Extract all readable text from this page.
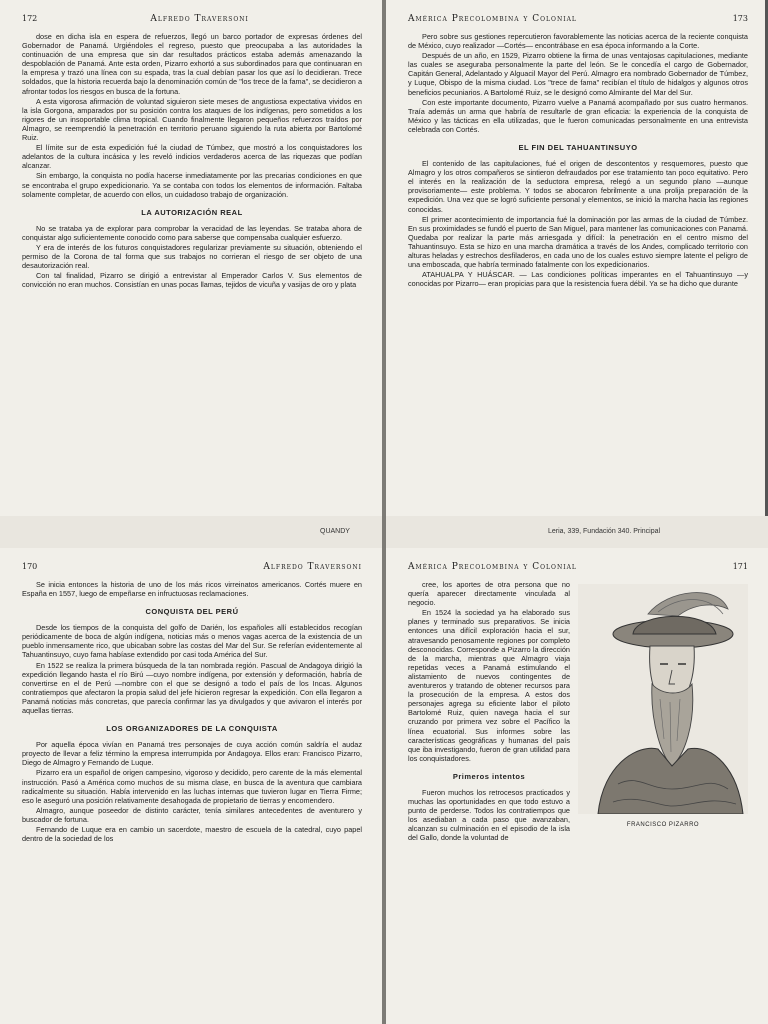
172	Alfredo Traversoni

dose en dicha isla en espera de refuerzos, llegó un barco portador de expresas órdenes del Gobernador de Panamá. Urgiéndoles el regreso, puesto que preocupaba a las autoridades la continuación de una empresa que sin dar resultados prácticos estaba además amenazando la despoblación de Panamá. Ante esta orden, Pizarro exhortó a sus subordinados para que continuaran en la empresa y trazó una línea con su espada, tras la cual debían pasar los que así lo decidieran. Trece soldados, que la historia recuerda bajo la denominación común de "los trece de la fama", se decidieron a afrontar todos los riesgos en busca de la fortuna.

A esta vigorosa afirmación de voluntad siguieron siete meses de angustiosa expectativa vividos en la isla Gorgona, amparados por su posición contra los ataques de los indígenas, pero sometidos a los rigores de un insoportable clima tropical. Cuando finalmente llegaron pequeños refuerzos traídos por Almagro, se reemprendió la penetración en territorio peruano siguiendo la ruta abierta por Bartolomé Ruiz.

El límite sur de esta expedición fué la ciudad de Túmbez, que mostró a los conquistadores los adelantos de la cultura incásica y les reveló indicios verdaderos acerca de las riquezas que podían alcanzar.

Sin embargo, la conquista no podía hacerse inmediatamente por las precarias condiciones en que se encontraba el grupo expedicionario. Ya se contaba con todos los elementos de información. Faltaba solamente completar, de acuerdo con ellos, un cuidadoso trabajo de organización.

LA AUTORIZACIÓN REAL

No se trataba ya de explorar para comprobar la veracidad de las leyendas. Se trataba ahora de conquistar algo suficientemente conocido como para saberse que compensaba cualquier esfuerzo.

Y era de interés de los futuros conquistadores regularizar previamente su situación, obteniendo el permiso de la Corona de tal forma que sus trabajos no corrieran el riesgo de ser objeto de una desautorización real.

Con tal finalidad, Pizarro se dirigió a entrevistar al Emperador Carlos V. Sus elementos de convicción no eran muchos. Consistían en unas pocas llamas, tejidos de vicuña y vasijas de oro y plata

América Precolombina y Colonial	173

Pero sobre sus gestiones repercutieron favorablemente las noticias acerca de la reciente conquista de México, cuyo realizador —Cortés— encontrábase en esa época informando a la Corte.

Después de un año, en 1529, Pizarro obtiene la firma de unas ventajosas capitulaciones, mediante las cuales se aseguraba personalmente la parte del león. Se le concedía el cargo de Gobernador, Capitán General, Adelantado y Alguacil Mayor del Perú. Almagro era nombrado Gobernador de Túmbez, y Luque, Obispo de la misma ciudad. Los "trece de fama" recibían el título de hidalgos y algunos otros beneficios pecuniarios. A Bartolomé Ruiz, se le designó como Almirante del Mar del Sur.

Con este importante documento, Pizarro vuelve a Panamá acompañado por sus cuatro hermanos. Traía además un arma que habría de resultarle de gran eficacia: la experiencia de la conquista de México y las tácticas en ella utilizadas, que le fueron comunicadas personalmente en una entrevista celebrada con Cortés.

EL FIN DEL TAHUANTINSUYO

El contenido de las capitulaciones, fué el origen de descontentos y resquemores, puesto que Almagro y los otros compañeros se sintieron defraudados por ese tratamiento tan poco equitativo. Pero el interés en la realización de la seductora empresa, relegó a un segundo plano —aunque provisoriamente— este problema. Y todos se abocaron febrilmente a una prolija preparación de la expedición. Una vez que se logró suficiente personal y elementos, se inició la marcha hacia las regiones conocidas.

El primer acontecimiento de importancia fué la dominación por las armas de la ciudad de Túmbez. En sus proximidades se fundó el puerto de San Miguel, para mantener las comunicaciones con Panamá. Quedaba por realizar la parte más arriesgada y difícil: la penetración en el centro mismo del Tahuantinsuyo. Esta se hizo en una marcha dramática a través de los Andes, complicado territorio con alturas heladas y estrechos desfiladeros, en cada uno de los cuales estuvo siempre latente el peligro de una emboscada, que habría terminado fatalmente con los expedicionarios.

ATAHUALPA Y HUÁSCAR. — Las condiciones políticas imperantes en el Tahuantinsuyo —y conocidas por Pizarro— eran propicias para que la resistencia fuera débil. Ya se ha dicho que durante

QUANDY	Leria, 339, Fundación 340. Principal
170	Alfredo Traversoni

Se inicia entonces la historia de uno de los más ricos virreinatos americanos. Cortés muere en España en 1557, luego de empeñarse en infructuosas reclamaciones.

CONQUISTA DEL PERÚ

Desde los tiempos de la conquista del golfo de Darién, los españoles allí establecidos recogían periódicamente de boca de algún indígena, noticias más o menos vagas acerca de la existencia de un pueblo inmensamente rico, que ubicaban sobre las costas del Mar del Sur. Se referían evidentemente al Tahuantinsuyo, cuyo fama habíase extendido por casi toda América del Sur.

En 1522 se realiza la primera búsqueda de la tan nombrada región. Pascual de Andagoya dirigió la expedición llegando hasta el río Birú —cuyo nombre indígena, por extensión y deformación, habría de convertirse en el de Perú —nombre con el que se designó a todo el país de los Incas. Algunos contratiempos que afectaron la propia salud del jefe hicieron regresar la expedición. Con ella llegaron a Panamá noticias más concretas, que parecía confirmar las ya divulgados y que avivaron el interés por aquellas tierras.

LOS ORGANIZADORES DE LA CONQUISTA

Por aquella época vivían en Panamá tres personajes de cuya acción común saldría el audaz proyecto de llevar a feliz término la empresa interrumpida por Andagoya. Ellos eran: Francisco Pizarro, Diego de Almagro y Fernando de Luque.

Pizarro era un español de origen campesino, vigoroso y decidido, pero carente de la más elemental instrucción. Pasó a América como muchos de su misma clase, en busca de la aventura que cambiara radicalmente su situación. Había intervenido en las luchas internas que tuvieron lugar en Tierra Firme; eso le aseguró una posición relativamente desahogada de propietario de tierras y encomendero.

Almagro, aunque poseedor de distinto carácter, tenía similares antecedentes de aventurero y buscador de fortuna.

Fernando de Luque era en cambio un sacerdote, maestro de escuela de la catedral, cuyo papel dentro de la sociedad de los

América Precolombina y Colonial	171
FRANCISCO PIZARRO

cree, los aportes de otra persona que no quería aparecer directamente vinculada al negocio.

En 1524 la sociedad ya ha elaborado sus planes y terminado sus preparativos. Se inicia entonces una difícil exploración hacia el sur, atravesando penosamente regiones por completo desconocidas. Corresponde a Pizarro la dirección de la marcha, mientras que Almagro viaja repetidas veces a Panamá estimulando el alistamiento de nuevos contingentes de aventureros y tratando de obtener recursos para la prosecución de la empresa. A estos dos personajes agrega su eficiente labor el piloto Bartolomé Ruiz, quien navega hacia el sur cruzando por primera vez sobre el Pacífico la línea ecuatorial. Sus informes sobre las características geográficas y humanas del país que iba investigando, fueron de gran utilidad para los conquistadores.

Primeros intentos

Fueron muchos los retrocesos practicados y muchas las oportunidades en que todo estuvo a punto de perderse. Todos los contratiempos que los asediaban a cada paso que avanzaban, alcanzan su culminación en el episodio de la isla del Gallo, donde la voluntad de
